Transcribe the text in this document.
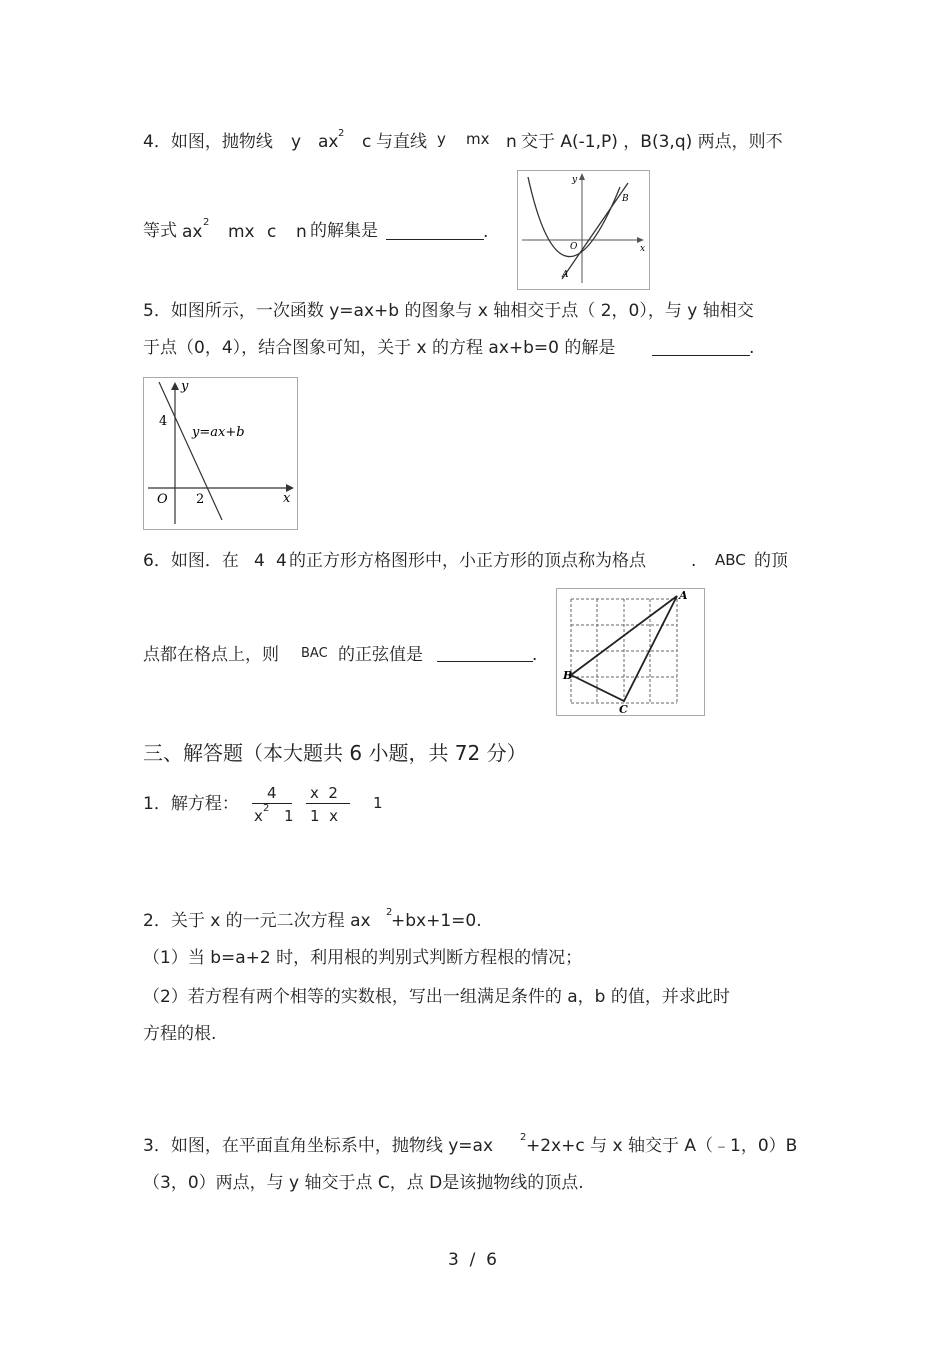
4．如图，抛物线 y ax 2 c 与直线 y mx n 交于 A(-1,P) ，B(3,q) 两点，则不
等式 ax 2 mx c n 的解集是	.
y
x
O
A
B
5．如图所示，一次函数 y=ax+b 的图象与 x 轴相交于点（ 2，0），与 y 轴相交
于点（0，4），结合图象可知，关于 x 的方程 ax+b=0 的解是	.
y
x
O
4
2
y=ax+b
6．如图．在 4 4 的正方形方格图形中，小正方形的顶点称为格点	. ABC 的顶
点都在格点上，则 BAC 的正弦值是	.
A
B
C
三、解答题（本大题共 6 小题，共 72 分）
1．解方程：
4
x 2 1
x  2
1  x
1
2．关于 x 的一元二次方程 ax 2
+bx+1=0.
（1）当 b=a+2 时，利用根的判别式判断方程根的情况；
（2）若方程有两个相等的实数根，写出一组满足条件的 a，b 的值，并求此时
方程的根.
3．如图，在平面直角坐标系中，抛物线 y=ax	2 +2x+c 与 x 轴交于 A（﹣1，0）B
（3，0）两点，与 y 轴交于点 C，点 D是该抛物线的顶点.
3  /  6
